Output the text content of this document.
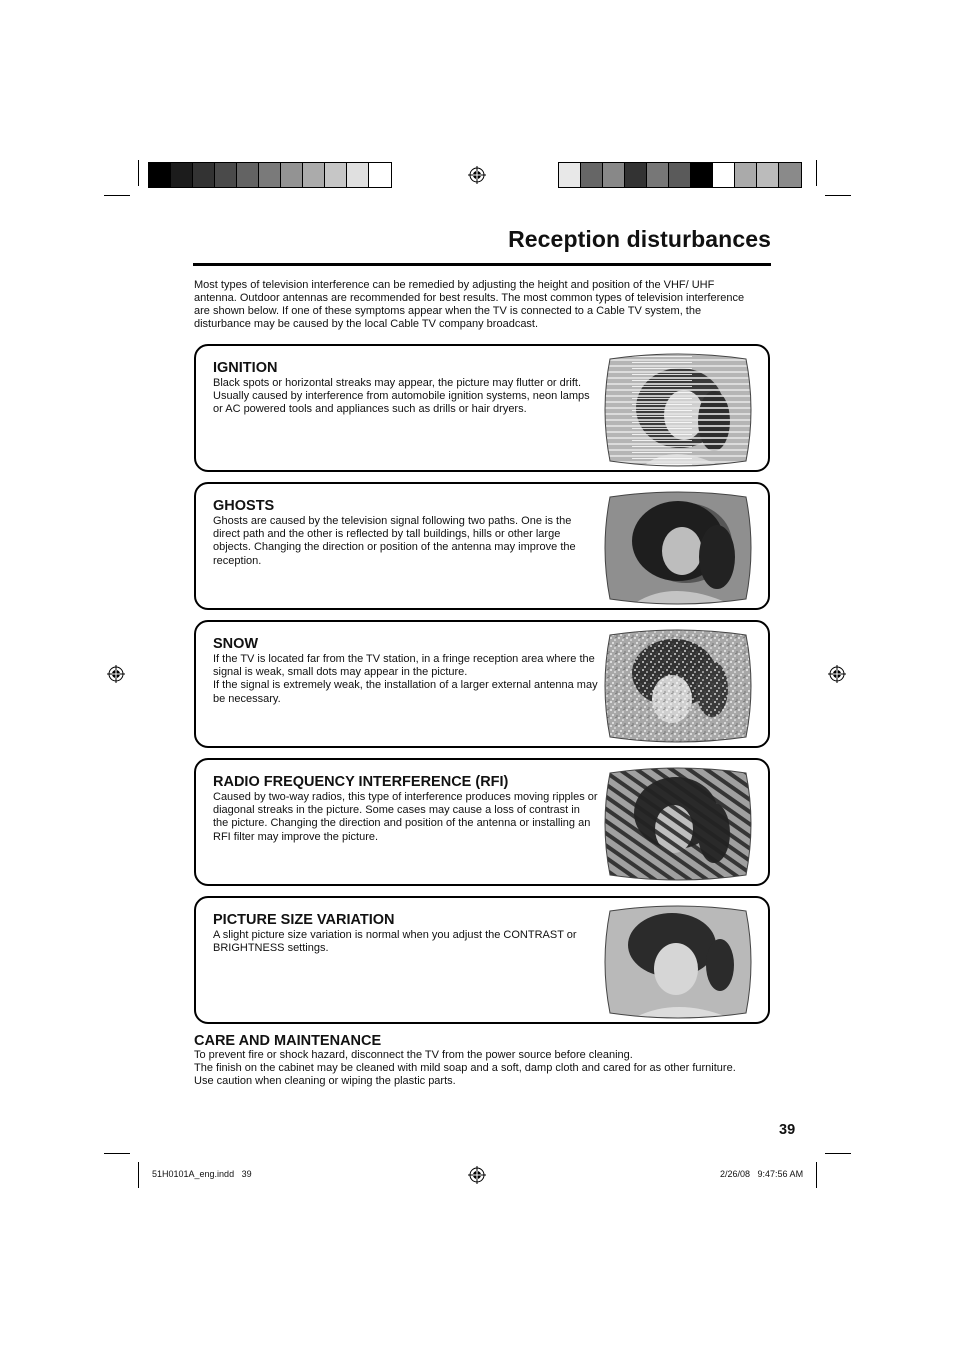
Reception disturbances

Most types of television interference can be remedied by adjusting the height and position of the VHF/ UHF antenna. Outdoor antennas are recommended for best results. The most common types of television interference are shown below. If one of these symptoms appear when the TV is connected to a Cable TV system, the disturbance may be caused by the local Cable TV company broadcast.

IGNITION

Black spots or horizontal streaks may appear, the picture may flutter or drift. Usually caused by interference from automobile ignition systems, neon lamps or AC powered tools and appliances such as drills or hair dryers.

GHOSTS

Ghosts are caused by the television signal following two paths. One is the direct path and the other is reflected by tall buildings, hills or other large objects. Changing the direction or position of the antenna may improve the reception.

SNOW

If the TV is located far from the TV station, in a fringe reception area where the signal is weak, small dots may appear in the picture.

If the signal is extremely weak, the installation of a larger external antenna may be necessary.

RADIO FREQUENCY INTERFERENCE (RFI)

Caused by two-way radios, this type of interference produces moving ripples or diagonal streaks in the picture. Some cases may cause a loss of contrast in the picture. Changing the direction and position of the antenna or installing an RFI filter may improve the picture.

PICTURE SIZE VARIATION

A slight picture size variation is normal when you adjust the CONTRAST or BRIGHTNESS settings.

CARE AND MAINTENANCE

To prevent fire or shock hazard, disconnect the TV from the power source before cleaning.

The finish on the cabinet may be cleaned with mild soap and a soft, damp cloth and cared for as other furniture.

Use caution when cleaning or wiping the plastic parts.

39
51H0101A_eng.indd   39	2/26/08   9:47:56 AM
